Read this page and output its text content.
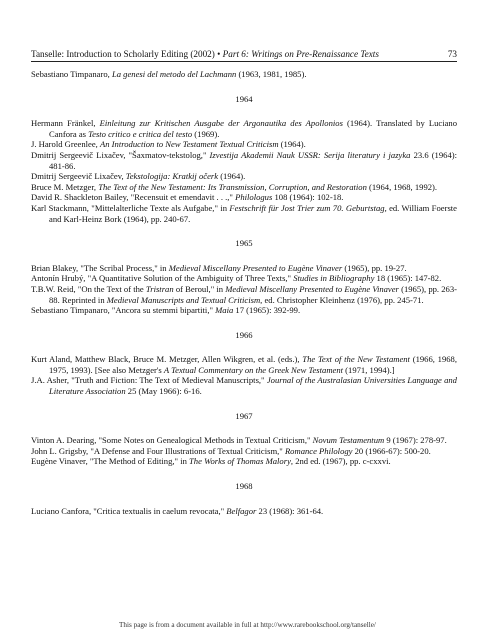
Tanselle: Introduction to Scholarly Editing (2002) • Part 6: Writings on Pre-Renaissance Texts	73
Sebastiano Timpanaro, La genesi del metodo del Lachmann (1963, 1981, 1985).
1964
Hermann Fränkel, Einleitung zur Kritischen Ausgabe der Argonautika des Apollonios (1964). Translated by Luciano Canfora as Testo critico e critica del testo (1969).
J. Harold Greenlee, An Introduction to New Testament Textual Criticism (1964).
Dmitrij Sergeevič Lixačev, "Šaxmatov-tekstolog," Izvestija Akademii Nauk USSR: Serija literatury i jazyka 23.6 (1964): 481-86.
Dmitrij Sergeevič Lixačev, Tekstologija: Kratkij očerk (1964).
Bruce M. Metzger, The Text of the New Testament: Its Transmission, Corruption, and Restoration (1964, 1968, 1992).
David R. Shackleton Bailey, "Recensuit et emendavit . . .," Philologus 108 (1964): 102-18.
Karl Stackmann, "Mittelalterliche Texte als Aufgabe," in Festschrift für Jost Trier zum 70. Geburtstag, ed. William Foerste and Karl-Heinz Bork (1964), pp. 240-67.
1965
Brian Blakey, "The Scribal Process," in Medieval Miscellany Presented to Eugène Vinaver (1965), pp. 19-27.
Antonín Hrubý, "A Quantitative Solution of the Ambiguity of Three Texts," Studies in Bibliography 18 (1965): 147-82.
T.B.W. Reid, "On the Text of the Tristran of Beroul," in Medieval Miscellany Presented to Eugène Vinaver (1965), pp. 263-88. Reprinted in Medieval Manuscripts and Textual Criticism, ed. Christopher Kleinhenz (1976), pp. 245-71.
Sebastiano Timpanaro, "Ancora su stemmi bipartiti," Maia 17 (1965): 392-99.
1966
Kurt Aland, Matthew Black, Bruce M. Metzger, Allen Wikgren, et al. (eds.), The Text of the New Testament (1966, 1968, 1975, 1993). [See also Metzger's A Textual Commentary on the Greek New Testament (1971, 1994).]
J.A. Asher, "Truth and Fiction: The Text of Medieval Manuscripts," Journal of the Australasian Universities Language and Literature Association 25 (May 1966): 6-16.
1967
Vinton A. Dearing, "Some Notes on Genealogical Methods in Textual Criticism," Novum Testamentum 9 (1967): 278-97.
John L. Grigsby, "A Defense and Four Illustrations of Textual Criticism," Romance Philology 20 (1966-67): 500-20.
Eugène Vinaver, "The Method of Editing," in The Works of Thomas Malory, 2nd ed. (1967), pp. c-cxxvi.
1968
Luciano Canfora, "Critica textualis in caelum revocata," Belfagor 23 (1968): 361-64.
This page is from a document available in full at http://www.rarebookschool.org/tanselle/
